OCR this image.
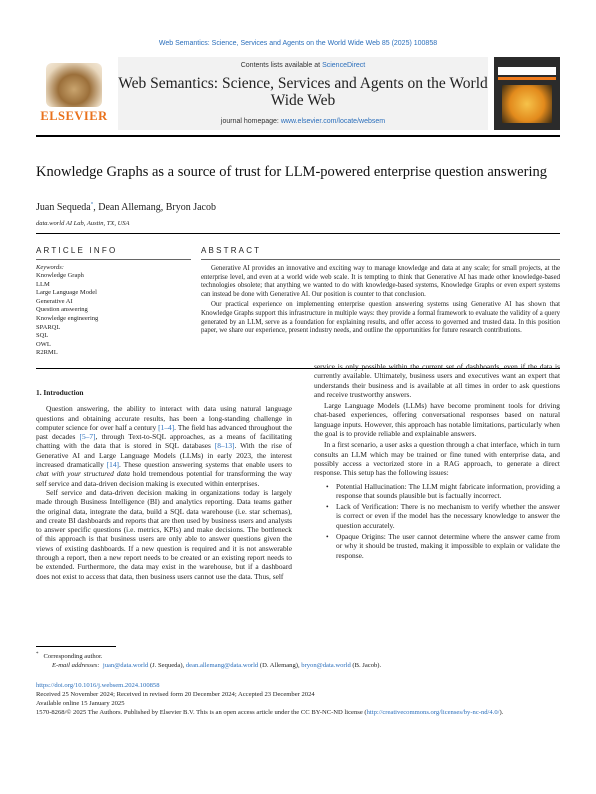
Web Semantics: Science, Services and Agents on the World Wide Web 85 (2025) 100858
ELSEVIER
Contents lists available at ScienceDirect
Web Semantics: Science, Services and Agents on the World Wide Web
journal homepage: www.elsevier.com/locate/websem
Knowledge Graphs as a source of trust for LLM-powered enterprise question answering
Juan Sequeda*, Dean Allemang, Bryon Jacob
data.world AI Lab, Austin, TX, USA
ARTICLE INFO	ABSTRACT
Keywords:
Knowledge Graph
LLM
Large Language Model
Generative AI
Question answering
Knowledge engineering
SPARQL
SQL
OWL
R2RML

Generative AI provides an innovative and exciting way to manage knowledge and data at any scale; for small projects, at the enterprise level, and even at a world wide web scale. It is tempting to think that Generative AI has made other knowledge-based technologies obsolete; that anything we wanted to do with knowledge-based systems, Knowledge Graphs or even expert systems can instead be done with Generative AI. Our position is counter to that conclusion.

Our practical experience on implementing enterprise question answering systems using Generative AI has shown that Knowledge Graphs support this infrastructure in multiple ways: they provide a formal framework to evaluate the validity of a query generated by an LLM, serve as a foundation for explaining results, and offer access to governed and trusted data. In this position paper, we share our experience, present industry needs, and outline the opportunities for future research contributions.

1. Introduction

Question answering, the ability to interact with data using natural language questions and obtaining accurate results, has been a long-standing challenge in computer science for over half a century [1–4]. The field has advanced throughout the past decades [5–7], through Text-to-SQL approaches, as a means of facilitating chatting with the data that is stored in SQL databases [8–13]. With the rise of Generative AI and Large Language Models (LLMs) in early 2023, the interest increased dramatically [14]. These question answering systems that enable users to chat with your structured data hold tremendous potential for transforming the way self service and data-driven decision making is executed within enterprises.

Self service and data-driven decision making in organizations today is largely made through Business Intelligence (BI) and analytics reporting. Data teams gather the original data, integrate the data, build a SQL data warehouse (i.e. star schemas), and create BI dashboards and reports that are then used by business users and analysts to answer specific questions (i.e. metrics, KPIs) and make decisions. The bottleneck of this approach is that business users are only able to answer questions given the views of existing dashboards. If a new question is required and it is not answerable through a report, then a new report needs to be created or an existing report needs to be extended. Furthermore, the data may exist in the warehouse, but if a dashboard does not exist to access that data, then business users cannot use the data. Thus, self

service is only possible within the current set of dashboards, even if the data is currently available. Ultimately, business users and executives want an expert that understands their business and is available at all times in order to ask questions and receive trustworthy answers.

Large Language Models (LLMs) have become prominent tools for driving chat-based experiences, offering conversational responses based on natural language inputs. However, this approach has notable limitations, particularly when the goal is to provide reliable and explainable answers.

In a first scenario, a user asks a question through a chat interface, which in turn consults an LLM which may be trained or fine tuned with enterprise data, and possibly access a vectorized store in a RAG approach, to generate a direct response. This setup has the following issues:

• Potential Hallucination: The LLM might fabricate information, providing a response that sounds plausible but is factually incorrect.
• Lack of Verification: There is no mechanism to verify whether the answer is correct or even if the model has the necessary knowledge to answer the question accurately.
• Opaque Origins: The user cannot determine where the answer came from or why it should be trusted, making it impossible to explain or validate the response.
* Corresponding author.
E-mail addresses: juan@data.world (J. Sequeda), dean.allemang@data.world (D. Allemang), bryon@data.world (B. Jacob).
https://doi.org/10.1016/j.websem.2024.100858
Received 25 November 2024; Received in revised form 20 December 2024; Accepted 23 December 2024
Available online 15 January 2025
1570-8268/© 2025 The Authors. Published by Elsevier B.V. This is an open access article under the CC BY-NC-ND license (http://creativecommons.org/licenses/by-nc-nd/4.0/).
